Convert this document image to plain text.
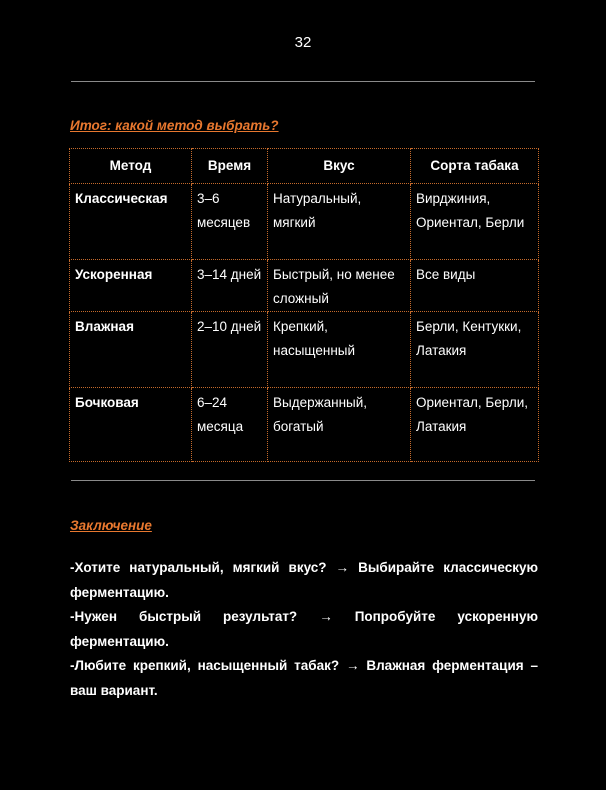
32
Итог: какой метод выбрать?
Метод	Время	Вкус	Сорта табака
Классическая	3–6 месяцев	Натуральный, мягкий	Вирджиния, Ориентал, Берли
Ускоренная	3–14 дней	Быстрый, но менее сложный	Все виды
Влажная	2–10 дней	Крепкий, насыщенный	Берли, Кентукки, Латакия
Бочковая	6–24 месяца	Выдержанный, богатый	Ориентал, Берли, Латакия
Заключение

-Хотите натуральный, мягкий вкус? → Выбирайте классическую ферментацию.

-Нужен быстрый результат? → Попробуйте ускоренную ферментацию.

-Любите крепкий, насыщенный табак? → Влажная ферментация – ваш вариант.
